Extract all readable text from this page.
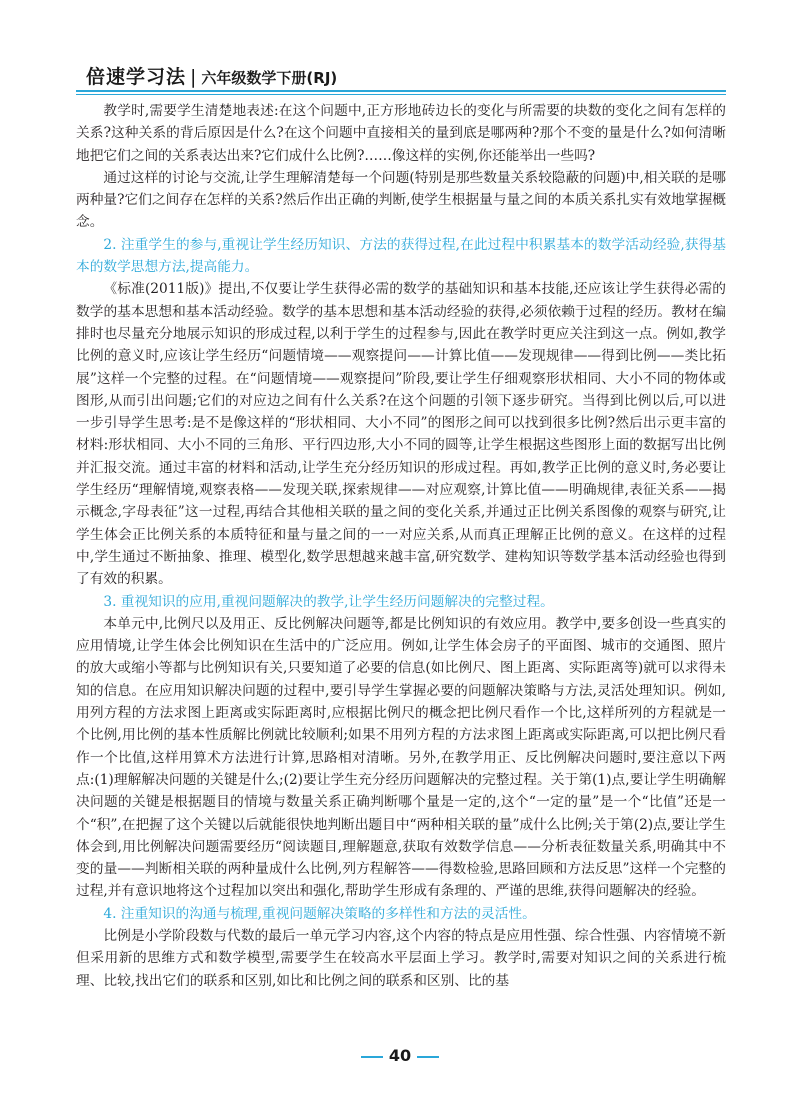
倍速学习法 | 六年级数学下册(RJ)

教学时,需要学生清楚地表述:在这个问题中,正方形地砖边长的变化与所需要的块数的变化之间有怎样的关系?这种关系的背后原因是什么?在这个问题中直接相关的量到底是哪两种?那个不变的量是什么?如何清晰地把它们之间的关系表达出来?它们成什么比例?……像这样的实例,你还能举出一些吗?

通过这样的讨论与交流,让学生理解清楚每一个问题(特别是那些数量关系较隐蔽的问题)中,相关联的是哪两种量?它们之间存在怎样的关系?然后作出正确的判断,使学生根据量与量之间的本质关系扎实有效地掌握概念。

2. 注重学生的参与,重视让学生经历知识、方法的获得过程,在此过程中积累基本的数学活动经验,获得基本的数学思想方法,提高能力。

《标准(2011版)》提出,不仅要让学生获得必需的数学的基础知识和基本技能,还应该让学生获得必需的数学的基本思想和基本活动经验。数学的基本思想和基本活动经验的获得,必须依赖于过程的经历。教材在编排时也尽量充分地展示知识的形成过程,以利于学生的过程参与,因此在教学时更应关注到这一点。例如,教学比例的意义时,应该让学生经历“问题情境——观察提问——计算比值——发现规律——得到比例——类比拓展”这样一个完整的过程。在“问题情境——观察提问”阶段,要让学生仔细观察形状相同、大小不同的物体或图形,从而引出问题;它们的对应边之间有什么关系?在这个问题的引领下逐步研究。当得到比例以后,可以进一步引导学生思考:是不是像这样的“形状相同、大小不同”的图形之间可以找到很多比例?然后出示更丰富的材料:形状相同、大小不同的三角形、平行四边形,大小不同的圆等,让学生根据这些图形上面的数据写出比例并汇报交流。通过丰富的材料和活动,让学生充分经历知识的形成过程。再如,教学正比例的意义时,务必要让学生经历“理解情境,观察表格——发现关联,探索规律——对应观察,计算比值——明确规律,表征关系——揭示概念,字母表征”这一过程,再结合其他相关联的量之间的变化关系,并通过正比例关系图像的观察与研究,让学生体会正比例关系的本质特征和量与量之间的一一对应关系,从而真正理解正比例的意义。在这样的过程中,学生通过不断抽象、推理、模型化,数学思想越来越丰富,研究数学、建构知识等数学基本活动经验也得到了有效的积累。

3. 重视知识的应用,重视问题解决的教学,让学生经历问题解决的完整过程。

本单元中,比例尺以及用正、反比例解决问题等,都是比例知识的有效应用。教学中,要多创设一些真实的应用情境,让学生体会比例知识在生活中的广泛应用。例如,让学生体会房子的平面图、城市的交通图、照片的放大或缩小等都与比例知识有关,只要知道了必要的信息(如比例尺、图上距离、实际距离等)就可以求得未知的信息。在应用知识解决问题的过程中,要引导学生掌握必要的问题解决策略与方法,灵活处理知识。例如,用列方程的方法求图上距离或实际距离时,应根据比例尺的概念把比例尺看作一个比,这样所列的方程就是一个比例,用比例的基本性质解比例就比较顺利;如果不用列方程的方法求图上距离或实际距离,可以把比例尺看作一个比值,这样用算术方法进行计算,思路相对清晰。另外,在教学用正、反比例解决问题时,要注意以下两点:(1)理解解决问题的关键是什么;(2)要让学生充分经历问题解决的完整过程。关于第(1)点,要让学生明确解决问题的关键是根据题目的情境与数量关系正确判断哪个量是一定的,这个“一定的量”是一个“比值”还是一个“积”,在把握了这个关键以后就能很快地判断出题目中“两种相关联的量”成什么比例;关于第(2)点,要让学生体会到,用比例解决问题需要经历“阅读题目,理解题意,获取有效数学信息——分析表征数量关系,明确其中不变的量——判断相关联的两种量成什么比例,列方程解答——得数检验,思路回顾和方法反思”这样一个完整的过程,并有意识地将这个过程加以突出和强化,帮助学生形成有条理的、严谨的思维,获得问题解决的经验。

4. 注重知识的沟通与梳理,重视问题解决策略的多样性和方法的灵活性。

比例是小学阶段数与代数的最后一单元学习内容,这个内容的特点是应用性强、综合性强、内容情境不新但采用新的思维方式和数学模型,需要学生在较高水平层面上学习。教学时,需要对知识之间的关系进行梳理、比较,找出它们的联系和区别,如比和比例之间的联系和区别、比的基

40
